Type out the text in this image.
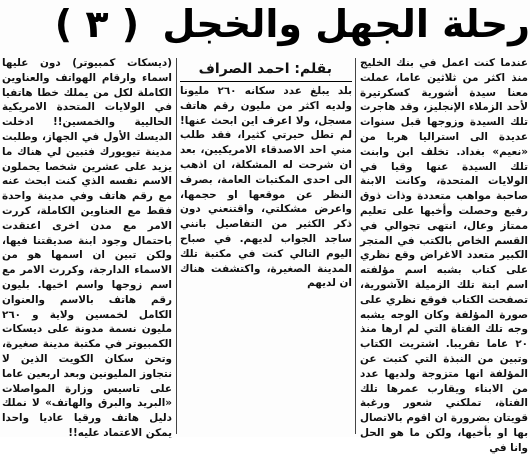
رحلة الجهل والخجل ( ٣ )

عندما كنت اعمل في بنك الخليج منذ اكثر من ثلاثين عاما، عملت معنا سيدة أشورية كسكرتيرة لأحد الزملاء الإنجليز، وقد هاجرت تلك السيدة وزوجها قبل سنوات عديدة الى استراليا هربا من «نعيم» بغداد. تخلف ابن وابنت تلك السيدة عنها وقيا في الولايات المتحدة، وكانت الابنة صاحبة مواهب متعددة وذات ذوق رفيع وحصلت وأخيها على تعليم ممتاز وعال، انتهى تجوالي في القسم الخاص بالكتب في المتجر الكبير متعدد الاغراض وقع نظري على كتاب بشبه اسم مؤلفته اسم ابنة تلك الزميلة الآشورية، تصفحت الكتاب فوقع نظري على صورة المؤلفة وكان الوجه يشبه وجه تلك الفتاة التي لم ارها منذ ٢٠ عاما تقريبا. اشتريت الكتاب وتبين من النبذة التي كتبت عن المؤلفة انها متزوجة ولديها عدد من الابناء ويقارب عمرها تلك الفتاة، تملكني شعور ورغبة قويتان بضرورة ان اقوم بالاتصال بها او بأخيها، ولكن ما هو الحل وانا في

بقلم: احمد الصراف

بلد يبلغ عدد سكانه ٢٦٠ مليونا ولديه اكثر من مليون رقم هاتف مسجل، ولا اعرف اين ابحث عنها! لم تطل حيرتي كثيرا، فقد طلب مني احد الاصدقاء الامريكيين، بعد ان شرحت له المشكلة، ان اذهب الى احدى المكتبات العامة، بصرف النظر عن موقعها او حجمها، واعرض مشكلتي، واقتنعني دون ذكر الكثير من التفاصيل بانني ساجد الجواب لديهم. في صباح اليوم التالي كنت في مكتبة تلك المدينة الصغيرة، واكتشفت هناك ان لديهم

(ديسكات كمبيوتر) دون عليها اسماء وارقام الهواتف والعناوين الكاملة لكل من يملك خطا هاتفيا في الولايات المتحدة الامريكية الحاليية والخمسين!! ادخلت الديسك الأول في الجهاز، وطلبت مدينة تيويورك فتبين لي هناك ما يزيد على عشرين شخصا يحملون الاسم نفسه الذي كنت ابحث عنه مع رقم هاتف وفي مدينة واحدة فقط مع العناوين الكاملة، كررت الامر مع مدن اخرى اعتقدت باحتمال وجود ابنة صديقتنا فيها، ولكن تبين ان اسمها هو من الاسماء الدارجة، وكررت الامر مع اسم زوجها واسم اخيها. بليون رقم هاتف بالاسم والعنوان الكامل لخمسين ولاية و ٢٦٠ مليون نسمة مدونة على ديسكات الكمبيوتر في مكتبة مدينة صغيرة، وتحن سكان الكويت الذين لا نتجاوز المليونين وبعد اربعين عاما على تاسيس وزارة المواصلات «البريد والبرق والهاتف» لا نملك دليل هاتف ورقيا عاديا واحدا يمكن الاعتماد عليه!!
